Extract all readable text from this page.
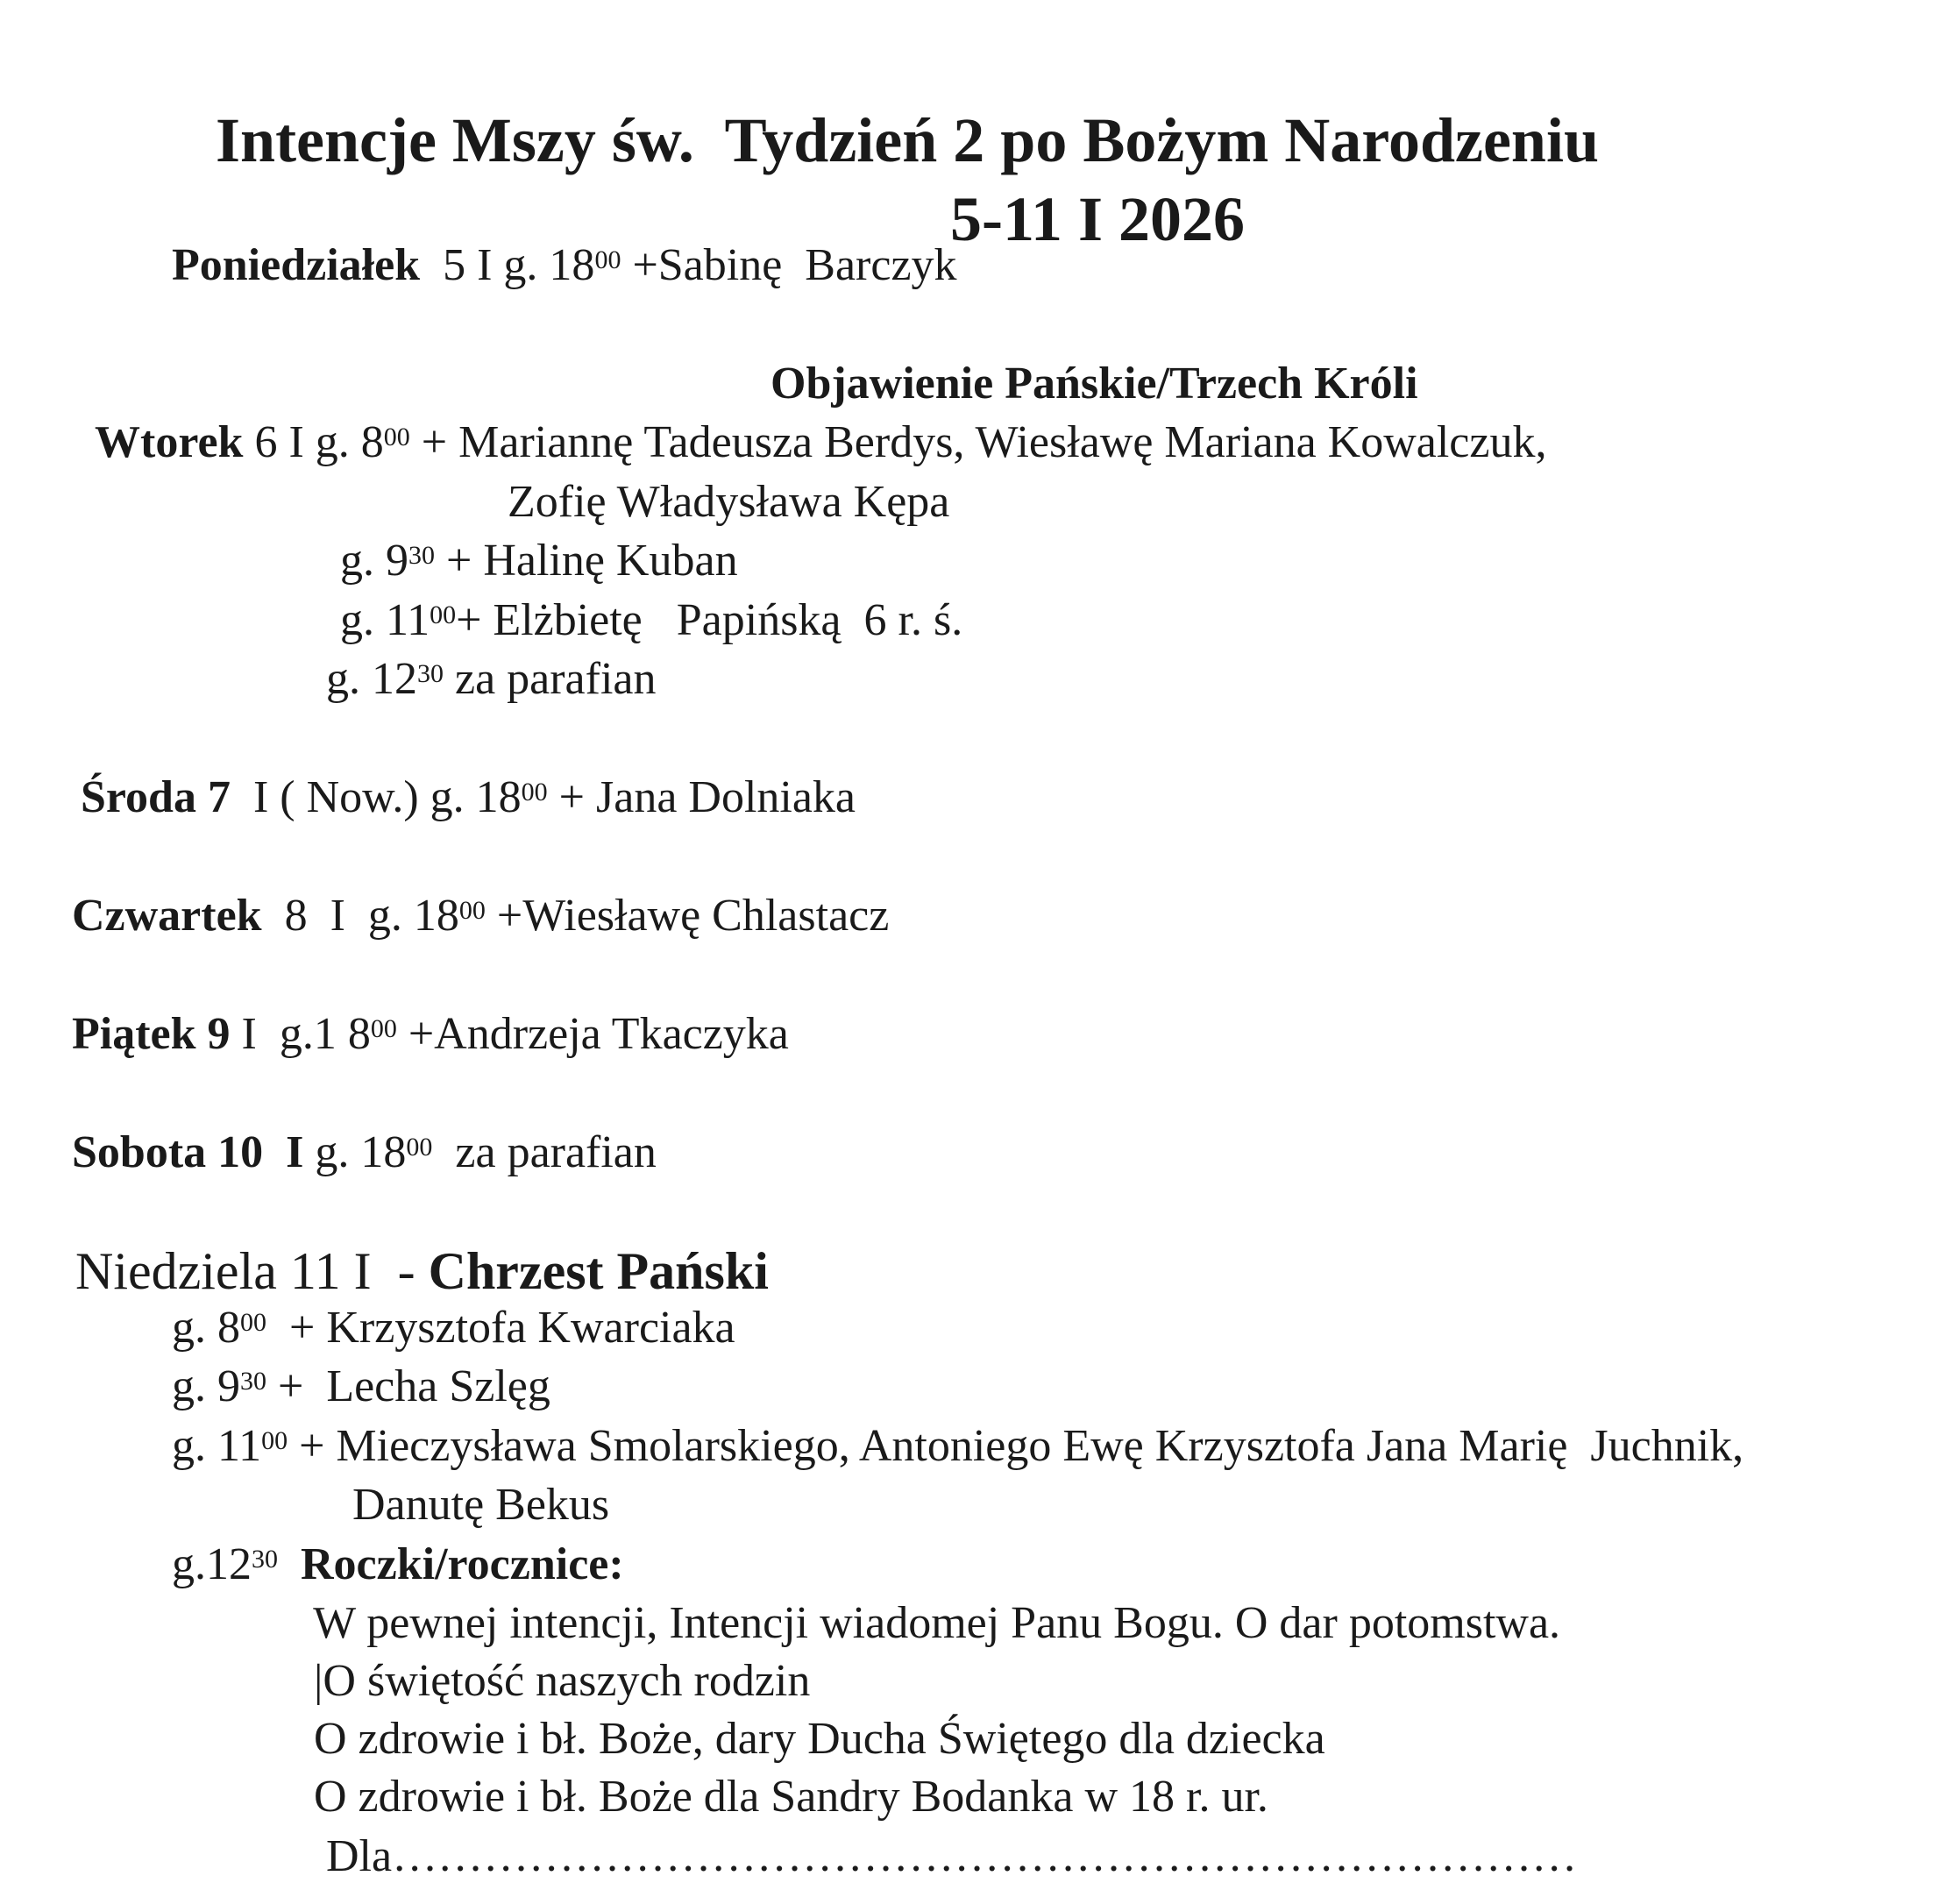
Intencje Mszy św.  Tydzień 2 po Bożym Narodzeniu

5-11 I 2026

Poniedziałek  5 I g. $18^{00}$ +Sabinę  Barczyk

Objawienie Pańskie/Trzech Króli

Wtorek 6 I g. $8^{00}$ + Mariannę Tadeusza Berdys, Wiesławę Mariana Kowalczuk,

Zofię Władysława Kępa

g. $9^{30}$ + Halinę Kuban

g. $11^{00}+$ Elżbietę   Papińską  6 r. ś.

g. $12^{30}$ za parafian

Środa 7  I ( Now.) g. $18^{00}$ + Jana Dolniaka

Czwartek  8  I  g. $18^{00}$ +Wiesławę Chlastacz

Piątek 9 I  g.1 $8^{00}$ +Andrzeja Tkaczyka

Sobota 10  I g. $18^{00}$  za parafian

Niedziela 11 I  - Chrzest Pański

g. $8^{00}$  + Krzysztofa Kwarciaka

g. $9^{30}$ +  Lecha Szlęg

g. $11^{00}$ + Mieczysława Smolarskiego, Antoniego Ewę Krzysztofa Jana Marię  Juchnik,

Danutę Bekus

$g.12^{30}$ Roczki/rocznice:

W pewnej intencji, Intencji wiadomej Panu Bogu. O dar potomstwa.

|O świętość naszych rodzin

O zdrowie i bł. Boże, dary Ducha Świętego dla dziecka

O zdrowie i bł. Boże dla Sandry Bodanka w 18 r. ur.

Dla……………………………………………………………………
